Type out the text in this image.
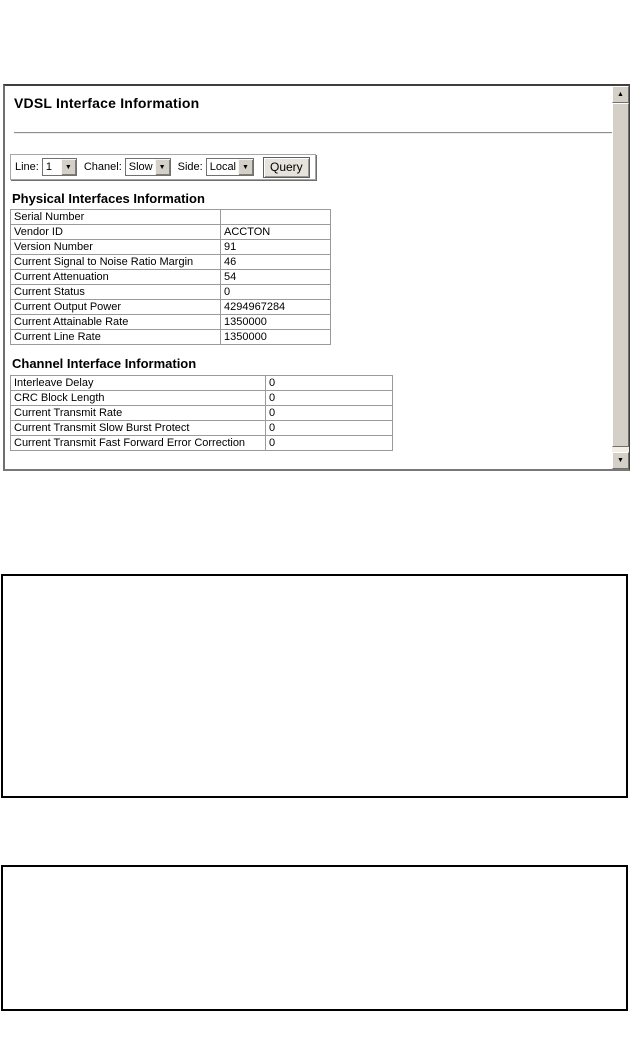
VDSL Interface Information
Line: 1	▼	Chanel: Slow ▼	Side: Local ▼	Query
Physical Interfaces Information
Serial Number	
Vendor ID	ACCTON
Version Number	91
Current Signal to Noise Ratio Margin	46
Current Attenuation	54
Current Status	0
Current Output Power	4294967284
Current Attainable Rate	1350000
Current Line Rate	1350000
Channel Interface Information
Interleave Delay	0
CRC Block Length	0
Current Transmit Rate	0
Current Transmit Slow Burst Protect	0
Current Transmit Fast Forward Error Correction	0
▲
▼
